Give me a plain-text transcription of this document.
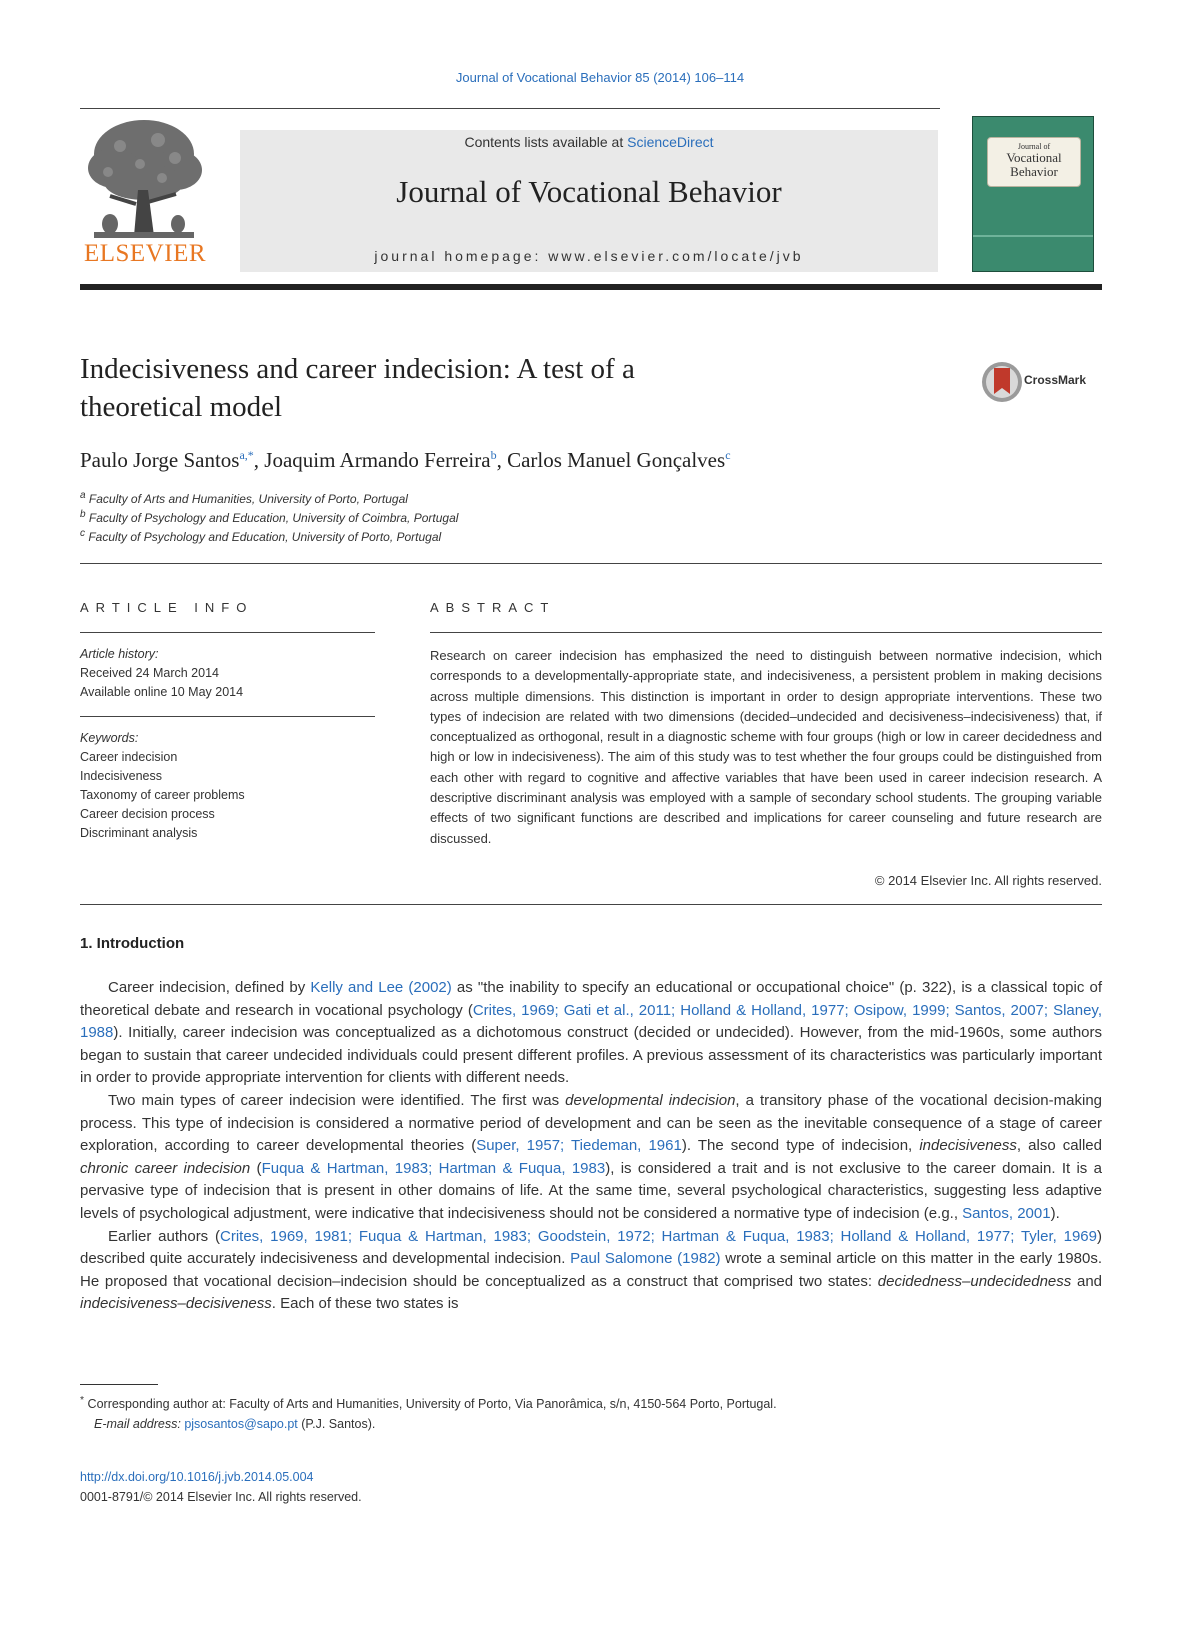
Journal of Vocational Behavior 85 (2014) 106–114
ELSEVIER
Contents lists available at ScienceDirect
Journal of Vocational Behavior
journal homepage: www.elsevier.com/locate/jvb
Journal of
Vocational
Behavior
Indecisiveness and career indecision: A test of a
theoretical model
CrossMark
Paulo Jorge Santos$^{a,*}$, Joaquim Armando Ferreira$^b$, Carlos Manuel Gonçalves$^c$
$^a$ Faculty of Arts and Humanities, University of Porto, Portugal
$^b$ Faculty of Psychology and Education, University of Coimbra, Portugal
$^c$ Faculty of Psychology and Education, University of Porto, Portugal
ARTICLE INFO
Article history:
Received 24 March 2014
Available online 10 May 2014
Keywords:
Career indecision
Indecisiveness
Taxonomy of career problems
Career decision process
Discriminant analysis
ABSTRACT
Research on career indecision has emphasized the need to distinguish between normative indecision, which corresponds to a developmentally-appropriate state, and indecisiveness, a persistent problem in making decisions across multiple dimensions. This distinction is important in order to design appropriate interventions. These two types of indecision are related with two dimensions (decided–undecided and decisiveness–indecisiveness) that, if conceptualized as orthogonal, result in a diagnostic scheme with four groups (high or low in career decidedness and high or low in indecisiveness). The aim of this study was to test whether the four groups could be distinguished from each other with regard to cognitive and affective variables that have been used in career indecision research. A descriptive discriminant analysis was employed with a sample of secondary school students. The grouping variable effects of two significant functions are described and implications for career counseling and future research are discussed.
© 2014 Elsevier Inc. All rights reserved.
1. Introduction

Career indecision, defined by Kelly and Lee (2002) as "the inability to specify an educational or occupational choice" (p. 322), is a classical topic of theoretical debate and research in vocational psychology (Crites, 1969; Gati et al., 2011; Holland & Holland, 1977; Osipow, 1999; Santos, 2007; Slaney, 1988). Initially, career indecision was conceptualized as a dichotomous construct (decided or undecided). However, from the mid-1960s, some authors began to sustain that career undecided individuals could present different profiles. A previous assessment of its characteristics was particularly important in order to provide appropriate intervention for clients with different needs.

Two main types of career indecision were identified. The first was developmental indecision, a transitory phase of the vocational decision-making process. This type of indecision is considered a normative period of development and can be seen as the inevitable consequence of a stage of career exploration, according to career developmental theories (Super, 1957; Tiedeman, 1961). The second type of indecision, indecisiveness, also called chronic career indecision (Fuqua & Hartman, 1983; Hartman & Fuqua, 1983), is considered a trait and is not exclusive to the career domain. It is a pervasive type of indecision that is present in other domains of life. At the same time, several psychological characteristics, suggesting less adaptive levels of psychological adjustment, were indicative that indecisiveness should not be considered a normative type of indecision (e.g., Santos, 2001).

Earlier authors (Crites, 1969, 1981; Fuqua & Hartman, 1983; Goodstein, 1972; Hartman & Fuqua, 1983; Holland & Holland, 1977; Tyler, 1969) described quite accurately indecisiveness and developmental indecision. Paul Salomone (1982) wrote a seminal article on this matter in the early 1980s. He proposed that vocational decision–indecision should be conceptualized as a construct that comprised two states: decidedness–undecidedness and indecisiveness–decisiveness. Each of these two states is

* Corresponding author at: Faculty of Arts and Humanities, University of Porto, Via Panorâmica, s/n, 4150-564 Porto, Portugal.
E-mail address: pjsosantos@sapo.pt (P.J. Santos).
http://dx.doi.org/10.1016/j.jvb.2014.05.004
0001-8791/© 2014 Elsevier Inc. All rights reserved.
